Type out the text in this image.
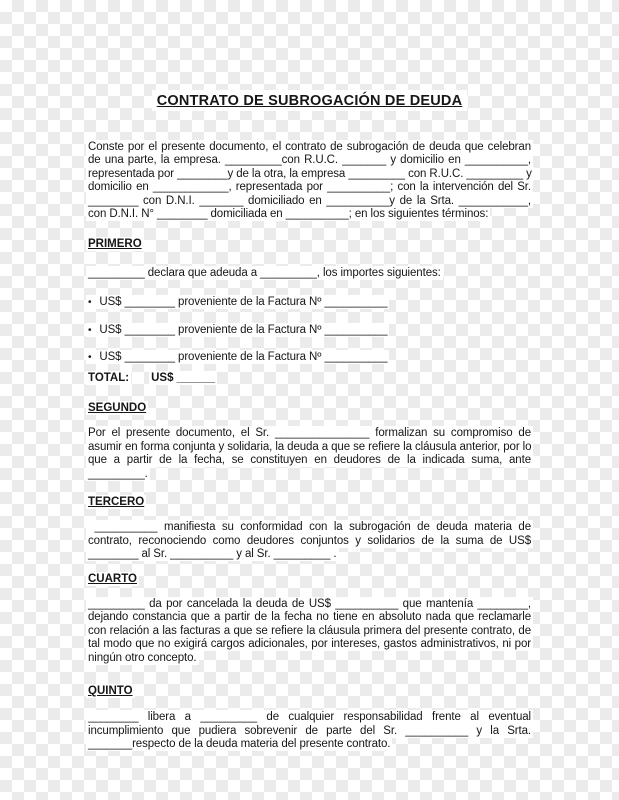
CONTRATO DE SUBROGACIÓN DE DEUDA

Conste por el presente documento, el contrato de subrogación de deuda que celebran de una parte, la empresa. _________con R.U.C. _______ y domicilio en __________, representada por ________y de la otra, la empresa _________ con R.U.C. _________ y domicilio en ____________, representada por __________; con la intervención del Sr. ________ con D.N.I. _______ domiciliado en __________y de la Srta. ___________, con D.N.I. N° ________ domiciliada en __________; en los siguientes términos:

PRIMERO

_________ declara que adeuda a _________, los importes siguientes:

• US$ ________ proveniente de la Factura Nº __________
• US$ ________ proveniente de la Factura Nº __________
• US$ ________ proveniente de la Factura Nº __________

TOTAL: US$ ______

SEGUNDO

Por el presente documento, el Sr. _______________ formalizan su compromiso de asumir en forma conjunta y solidaria, la deuda a que se refiere la cláusula anterior, por lo que a partir de la fecha, se constituyen en deudores de la indicada suma, ante _________.

TERCERO

__________ manifiesta su conformidad con la subrogación de deuda materia de contrato, reconociendo como deudores conjuntos y solidarios de la suma de US$ ________ al Sr. __________ y al Sr. _________ .

CUARTO

_________ da por cancelada la deuda de US$ __________ que mantenía ________, dejando constancia que a partir de la fecha no tiene en absoluto nada que reclamarle con relación a las facturas a que se refiere la cláusula primera del presente contrato, de tal modo que no exigirá cargos adicionales, por intereses, gastos administrativos, ni por ningún otro concepto.

QUINTO

________ libera a _________ de cualquier responsabilidad frente al eventual incumplimiento que pudiera sobrevenir de parte del Sr. __________ y la Srta. _______respecto de la deuda materia del presente contrato.
